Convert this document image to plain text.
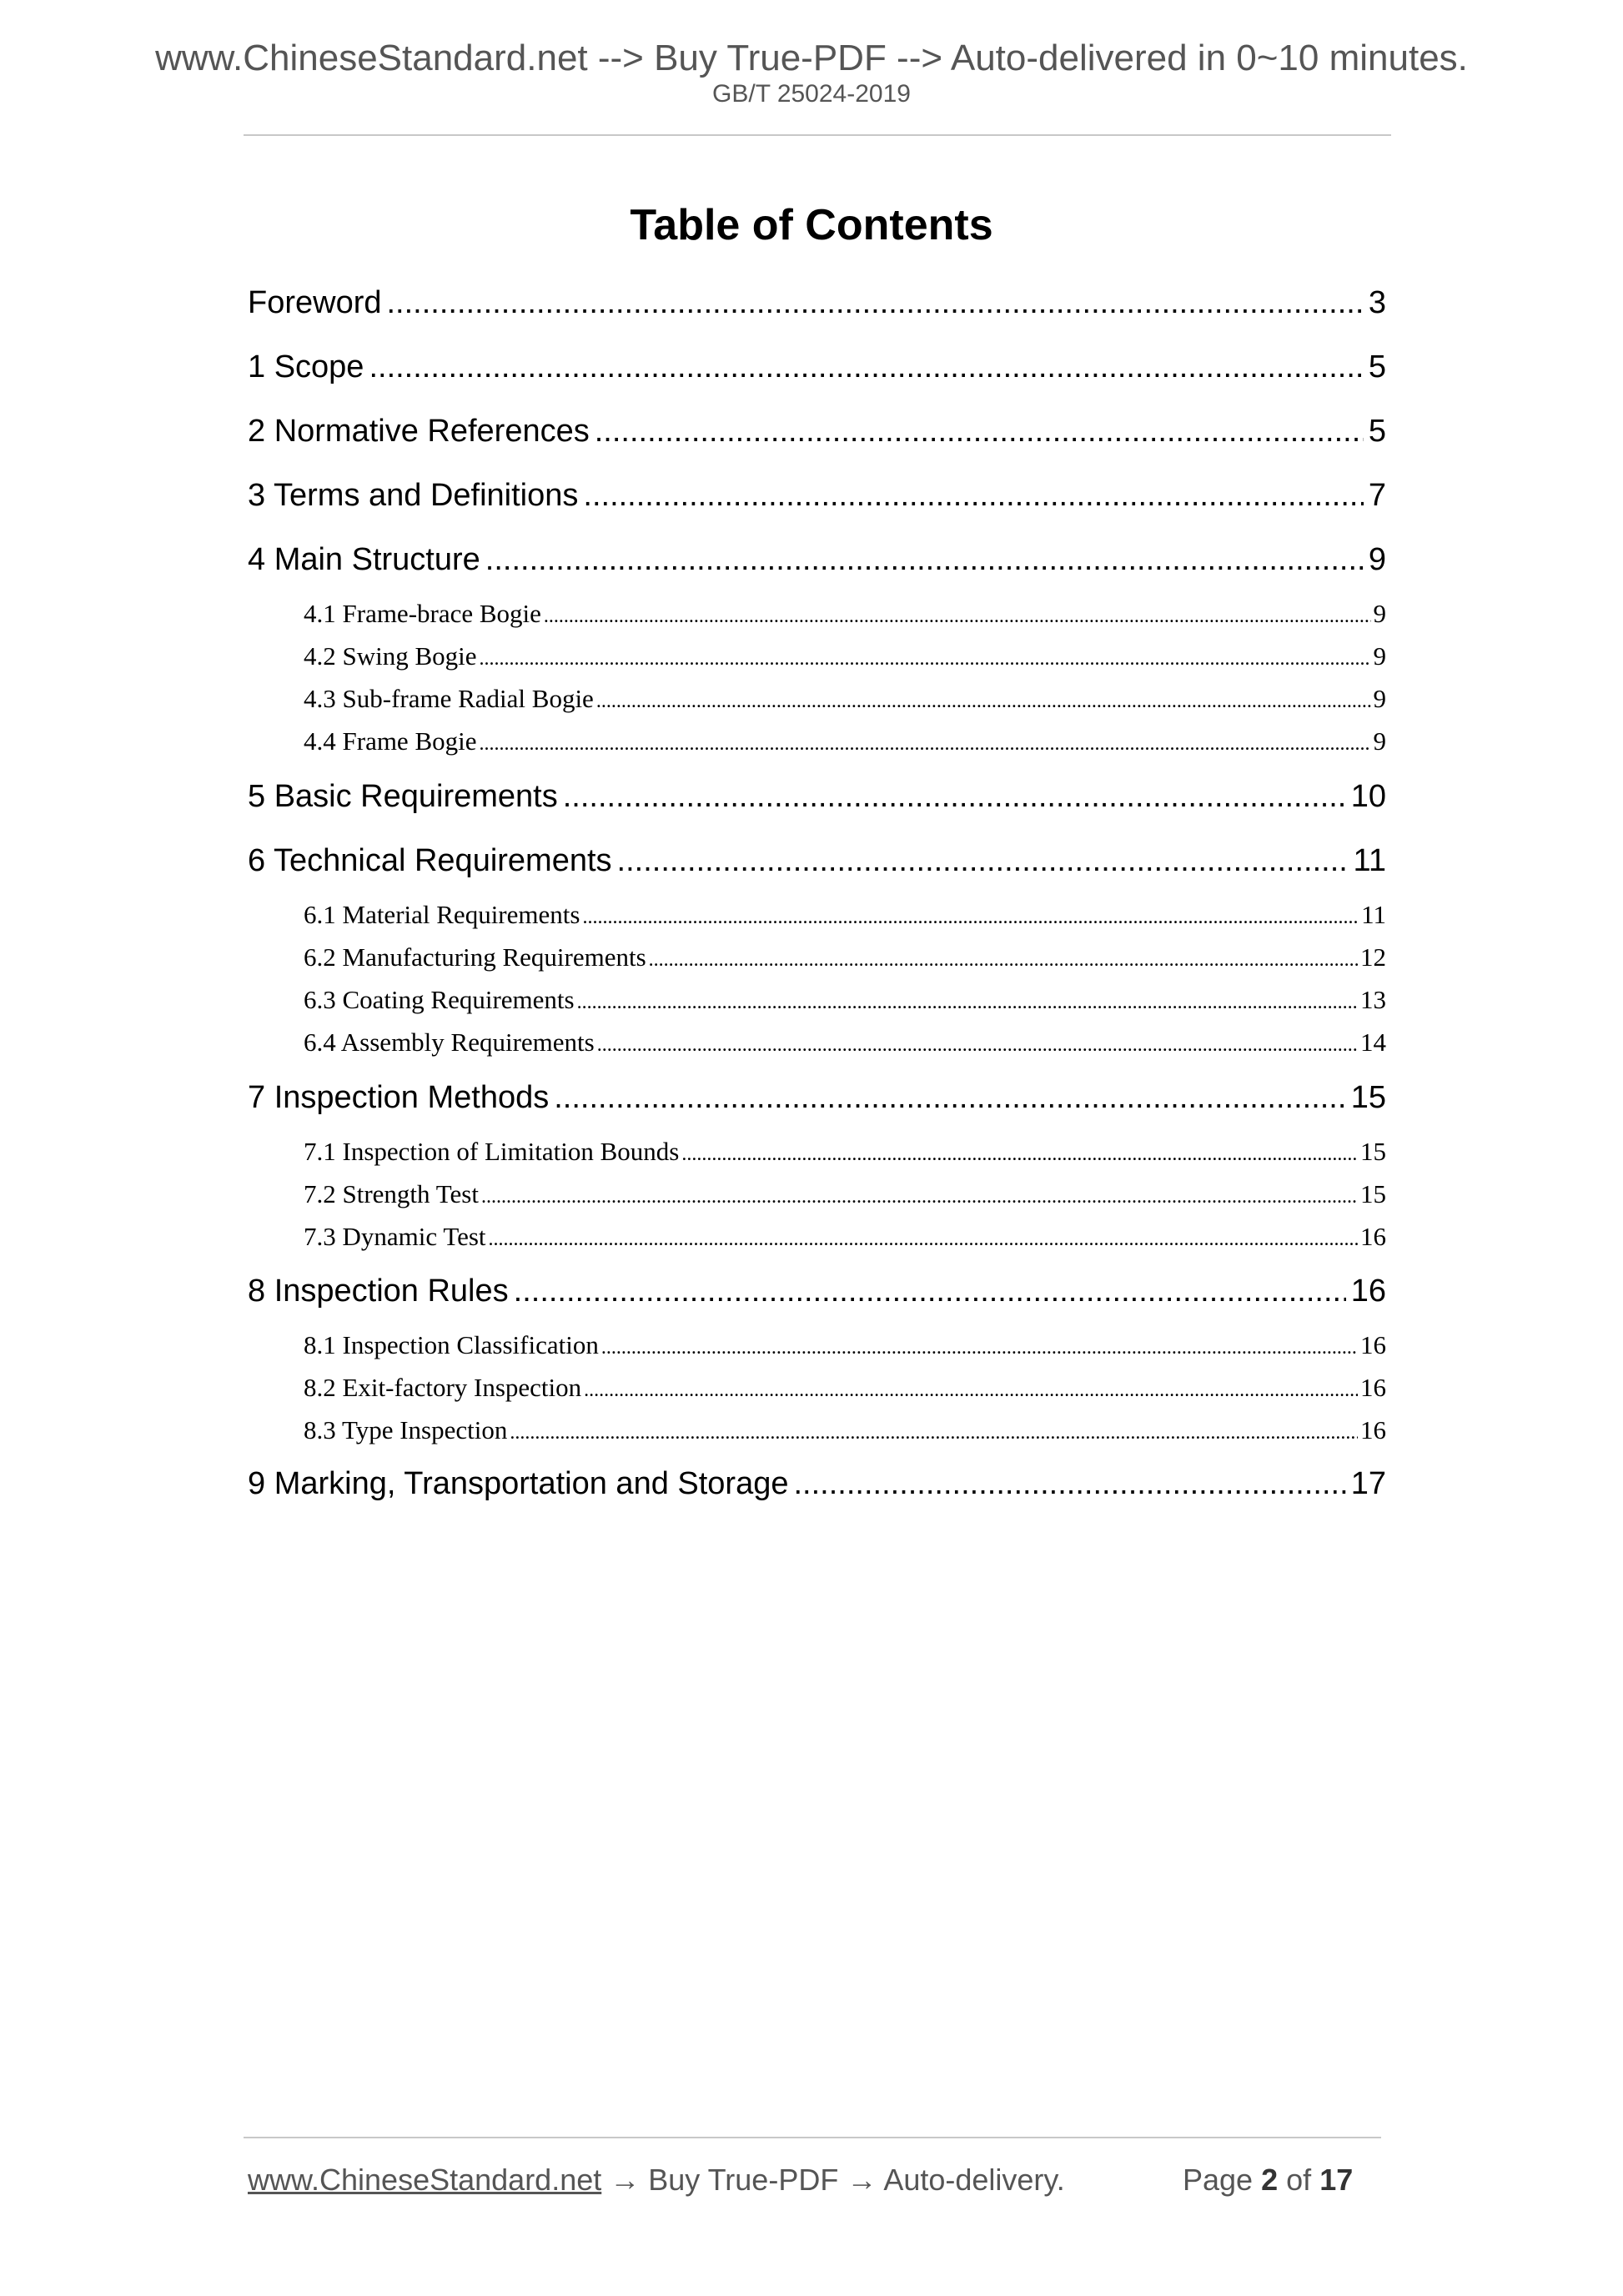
www.ChineseStandard.net --> Buy True-PDF --> Auto-delivered in 0~10 minutes.
GB/T 25024-2019
Table of Contents
Foreword .....	3
1 Scope .....	5
2 Normative References .....	5
3 Terms and Definitions .....	7
4 Main Structure .....	9
4.1 Frame-brace Bogie .....	9
4.2 Swing Bogie .....	9
4.3 Sub-frame Radial Bogie .....	9
4.4 Frame Bogie .....	9
5 Basic Requirements .....	10
6 Technical Requirements .....	11
6.1 Material Requirements .....	11
6.2 Manufacturing Requirements .....	12
6.3 Coating Requirements .....	13
6.4 Assembly Requirements .....	14
7 Inspection Methods .....	15
7.1 Inspection of Limitation Bounds .....	15
7.2 Strength Test .....	15
7.3 Dynamic Test .....	16
8 Inspection Rules .....	16
8.1 Inspection Classification .....	16
8.2 Exit-factory Inspection .....	16
8.3 Type Inspection .....	16
9 Marking, Transportation and Storage .....	17
www.ChineseStandard.net → Buy True-PDF → Auto-delivery.	Page 2 of 17
